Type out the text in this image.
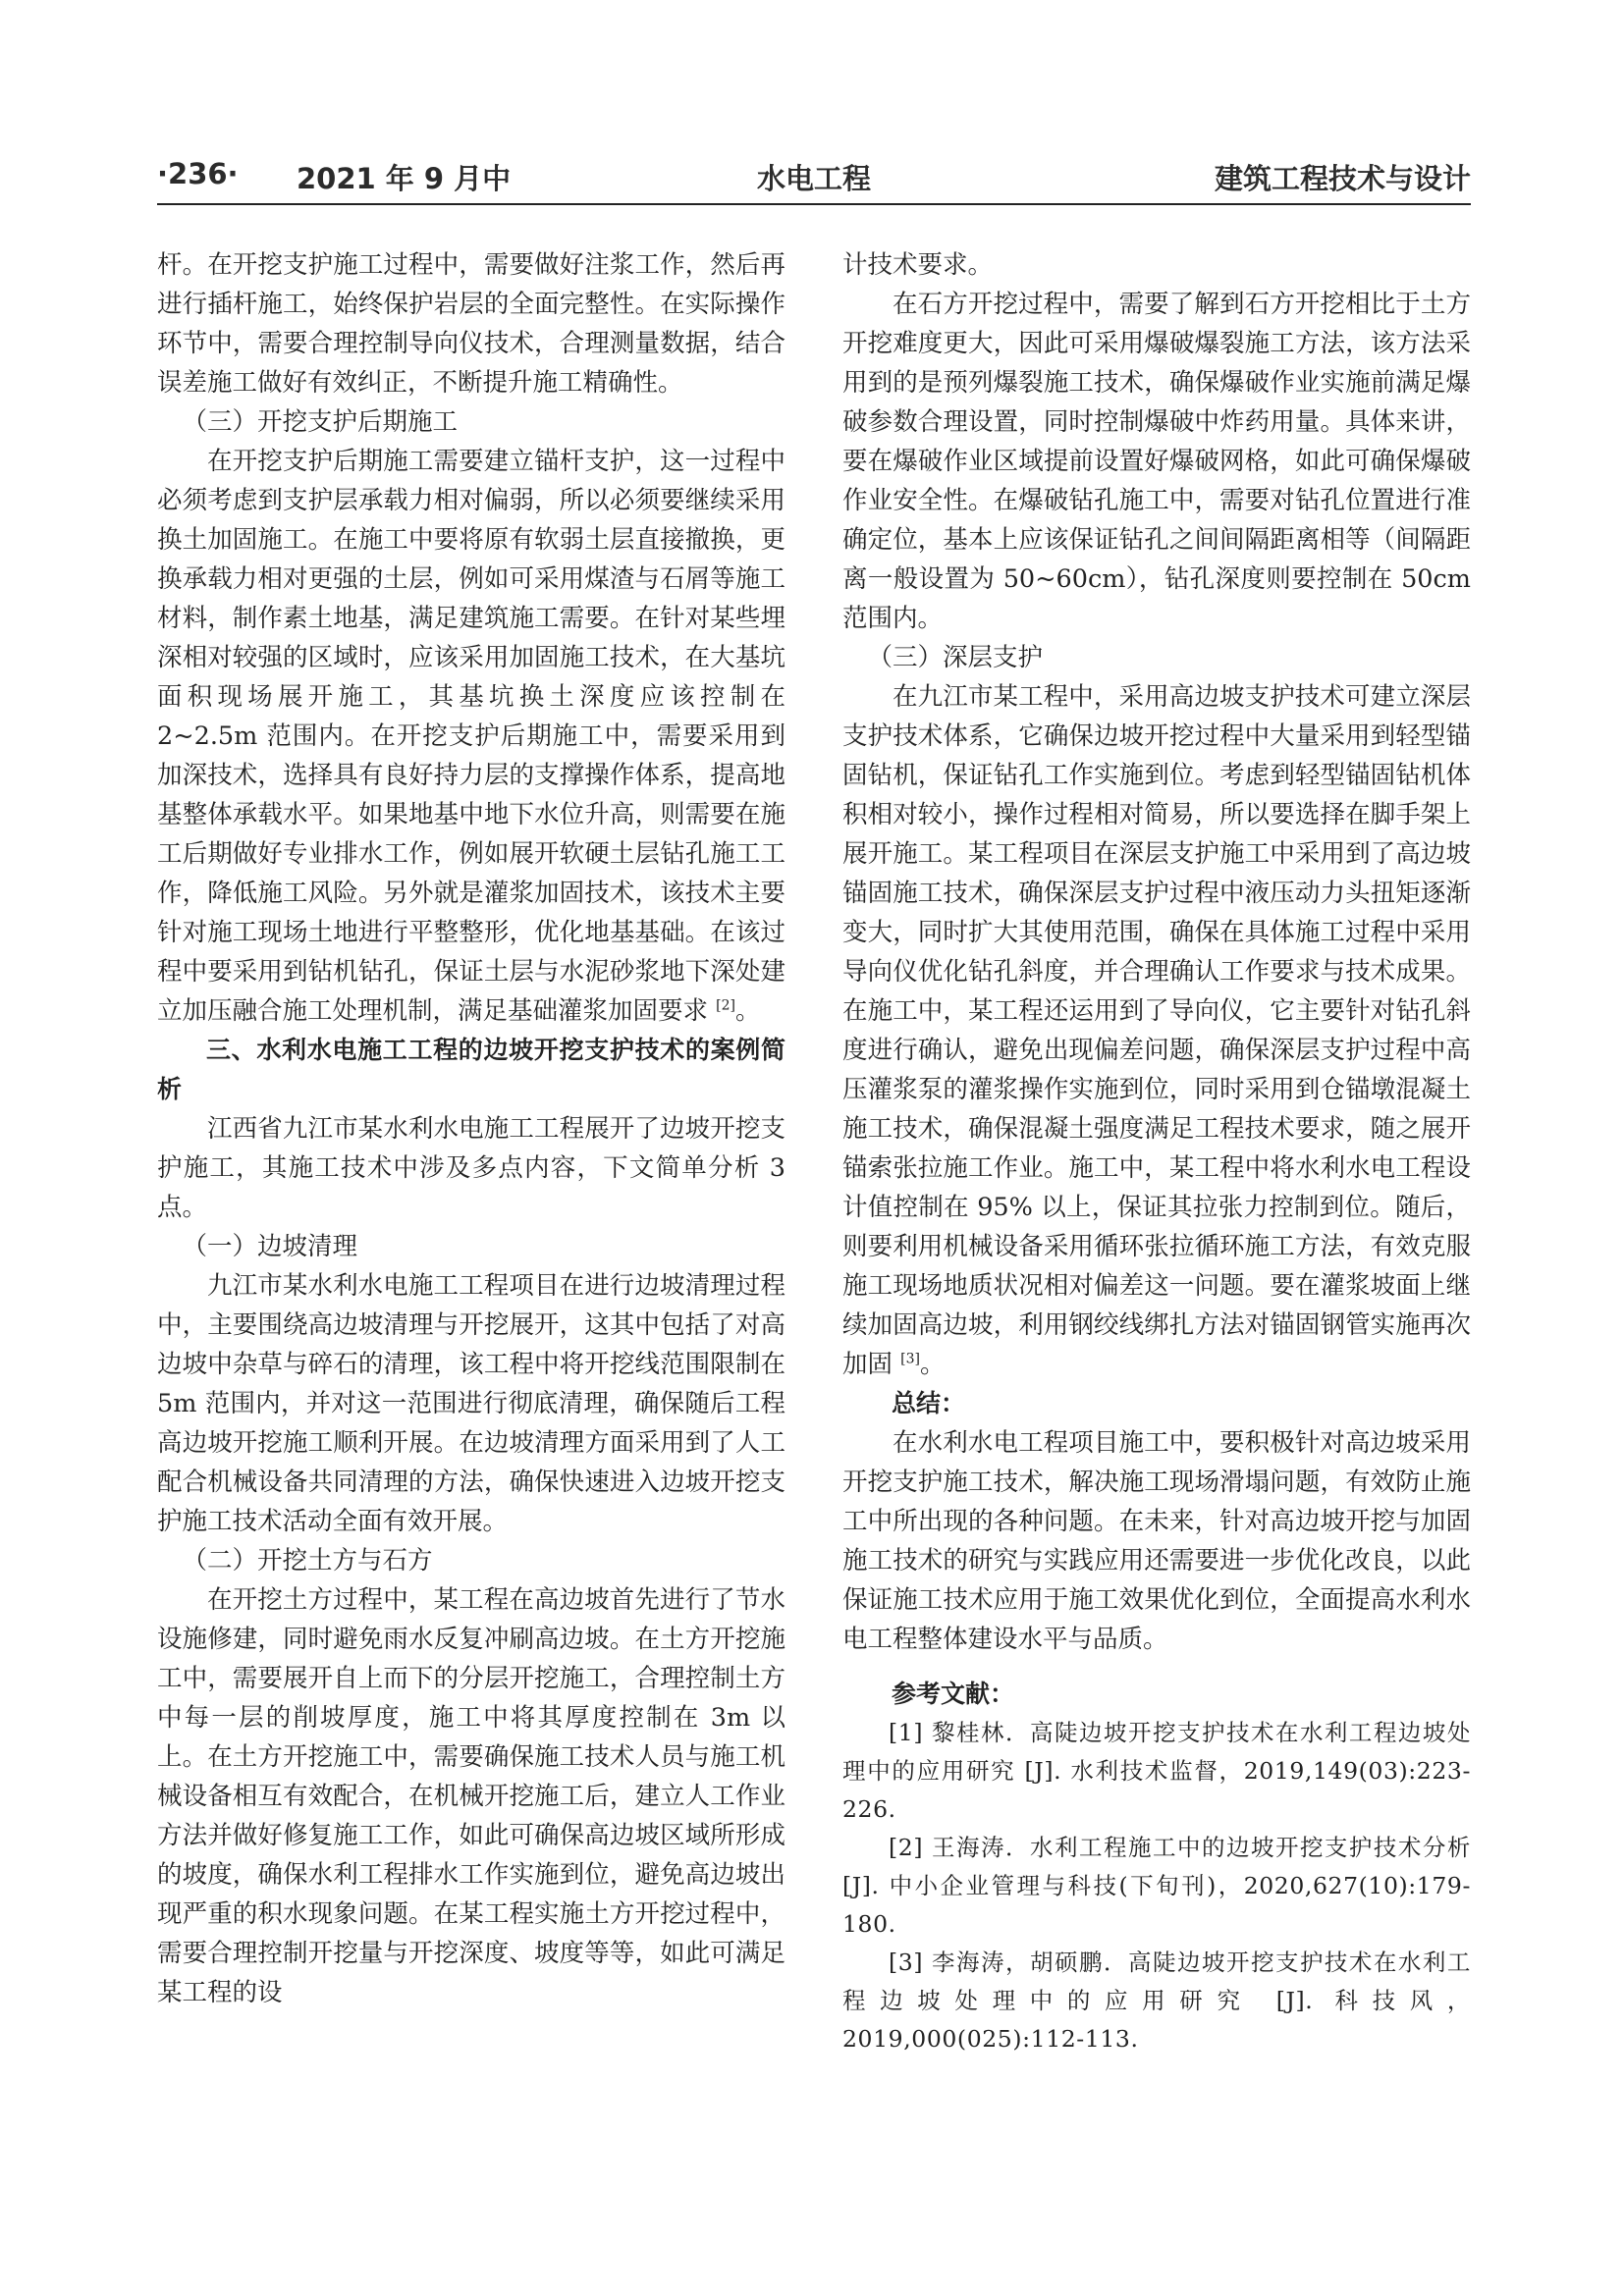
·236· 2021 年 9 月中	水电工程	建筑工程技术与设计

杆。在开挖支护施工过程中，需要做好注浆工作，然后再进行插杆施工，始终保护岩层的全面完整性。在实际操作环节中，需要合理控制导向仪技术，合理测量数据，结合误差施工做好有效纠正，不断提升施工精确性。

（三）开挖支护后期施工

在开挖支护后期施工需要建立锚杆支护，这一过程中必须考虑到支护层承载力相对偏弱，所以必须要继续采用换土加固施工。在施工中要将原有软弱土层直接撤换，更换承载力相对更强的土层，例如可采用煤渣与石屑等施工材料，制作素土地基，满足建筑施工需要。在针对某些埋深相对较强的区域时，应该采用加固施工技术，在大基坑面积现场展开施工，其基坑换土深度应该控制在 2~2.5m 范围内。在开挖支护后期施工中，需要采用到加深技术，选择具有良好持力层的支撑操作体系，提高地基整体承载水平。如果地基中地下水位升高，则需要在施工后期做好专业排水工作，例如展开软硬土层钻孔施工工作，降低施工风险。另外就是灌浆加固技术，该技术主要针对施工现场土地进行平整整形，优化地基基础。在该过程中要采用到钻机钻孔，保证土层与水泥砂浆地下深处建立加压融合施工处理机制，满足基础灌浆加固要求 [2]。

三、水利水电施工工程的边坡开挖支护技术的案例简析

江西省九江市某水利水电施工工程展开了边坡开挖支护施工，其施工技术中涉及多点内容，下文简单分析 3 点。

（一）边坡清理

九江市某水利水电施工工程项目在进行边坡清理过程中，主要围绕高边坡清理与开挖展开，这其中包括了对高边坡中杂草与碎石的清理，该工程中将开挖线范围限制在 5m 范围内，并对这一范围进行彻底清理，确保随后工程高边坡开挖施工顺利开展。在边坡清理方面采用到了人工配合机械设备共同清理的方法，确保快速进入边坡开挖支护施工技术活动全面有效开展。

（二）开挖土方与石方

在开挖土方过程中，某工程在高边坡首先进行了节水设施修建，同时避免雨水反复冲刷高边坡。在土方开挖施工中，需要展开自上而下的分层开挖施工，合理控制土方中每一层的削坡厚度，施工中将其厚度控制在 3m 以上。在土方开挖施工中，需要确保施工技术人员与施工机械设备相互有效配合，在机械开挖施工后，建立人工作业方法并做好修复施工工作，如此可确保高边坡区域所形成的坡度，确保水利工程排水工作实施到位，避免高边坡出现严重的积水现象问题。在某工程实施土方开挖过程中，需要合理控制开挖量与开挖深度、坡度等等，如此可满足某工程的设

计技术要求。

在石方开挖过程中，需要了解到石方开挖相比于土方开挖难度更大，因此可采用爆破爆裂施工方法，该方法采用到的是预列爆裂施工技术，确保爆破作业实施前满足爆破参数合理设置，同时控制爆破中炸药用量。具体来讲，要在爆破作业区域提前设置好爆破网格，如此可确保爆破作业安全性。在爆破钻孔施工中，需要对钻孔位置进行准确定位，基本上应该保证钻孔之间间隔距离相等（间隔距离一般设置为 50~60cm），钻孔深度则要控制在 50cm 范围内。

（三）深层支护

在九江市某工程中，采用高边坡支护技术可建立深层支护技术体系，它确保边坡开挖过程中大量采用到轻型锚固钻机，保证钻孔工作实施到位。考虑到轻型锚固钻机体积相对较小，操作过程相对简易，所以要选择在脚手架上展开施工。某工程项目在深层支护施工中采用到了高边坡锚固施工技术，确保深层支护过程中液压动力头扭矩逐渐变大，同时扩大其使用范围，确保在具体施工过程中采用导向仪优化钻孔斜度，并合理确认工作要求与技术成果。在施工中，某工程还运用到了导向仪，它主要针对钻孔斜度进行确认，避免出现偏差问题，确保深层支护过程中高压灌浆泵的灌浆操作实施到位，同时采用到仓锚墩混凝土施工技术，确保混凝土强度满足工程技术要求，随之展开锚索张拉施工作业。施工中，某工程中将水利水电工程设计值控制在 95% 以上，保证其拉张力控制到位。随后，则要利用机械设备采用循环张拉循环施工方法，有效克服施工现场地质状况相对偏差这一问题。要在灌浆坡面上继续加固高边坡，利用钢绞线绑扎方法对锚固钢管实施再次加固 [3]。

总结：

在水利水电工程项目施工中，要积极针对高边坡采用开挖支护施工技术，解决施工现场滑塌问题，有效防止施工中所出现的各种问题。在未来，针对高边坡开挖与加固施工技术的研究与实践应用还需要进一步优化改良，以此保证施工技术应用于施工效果优化到位，全面提高水利水电工程整体建设水平与品质。

参考文献：

[1] 黎桂林．高陡边坡开挖支护技术在水利工程边坡处理中的应用研究 [J]. 水利技术监督，2019,149(03):223-226.

[2] 王海涛．水利工程施工中的边坡开挖支护技术分析 [J]. 中小企业管理与科技(下旬刊)，2020,627(10):179-180.

[3] 李海涛，胡硕鹏．高陡边坡开挖支护技术在水利工程边坡处理中的应用研究 [J]. 科技风，2019,000(025):112-113.
